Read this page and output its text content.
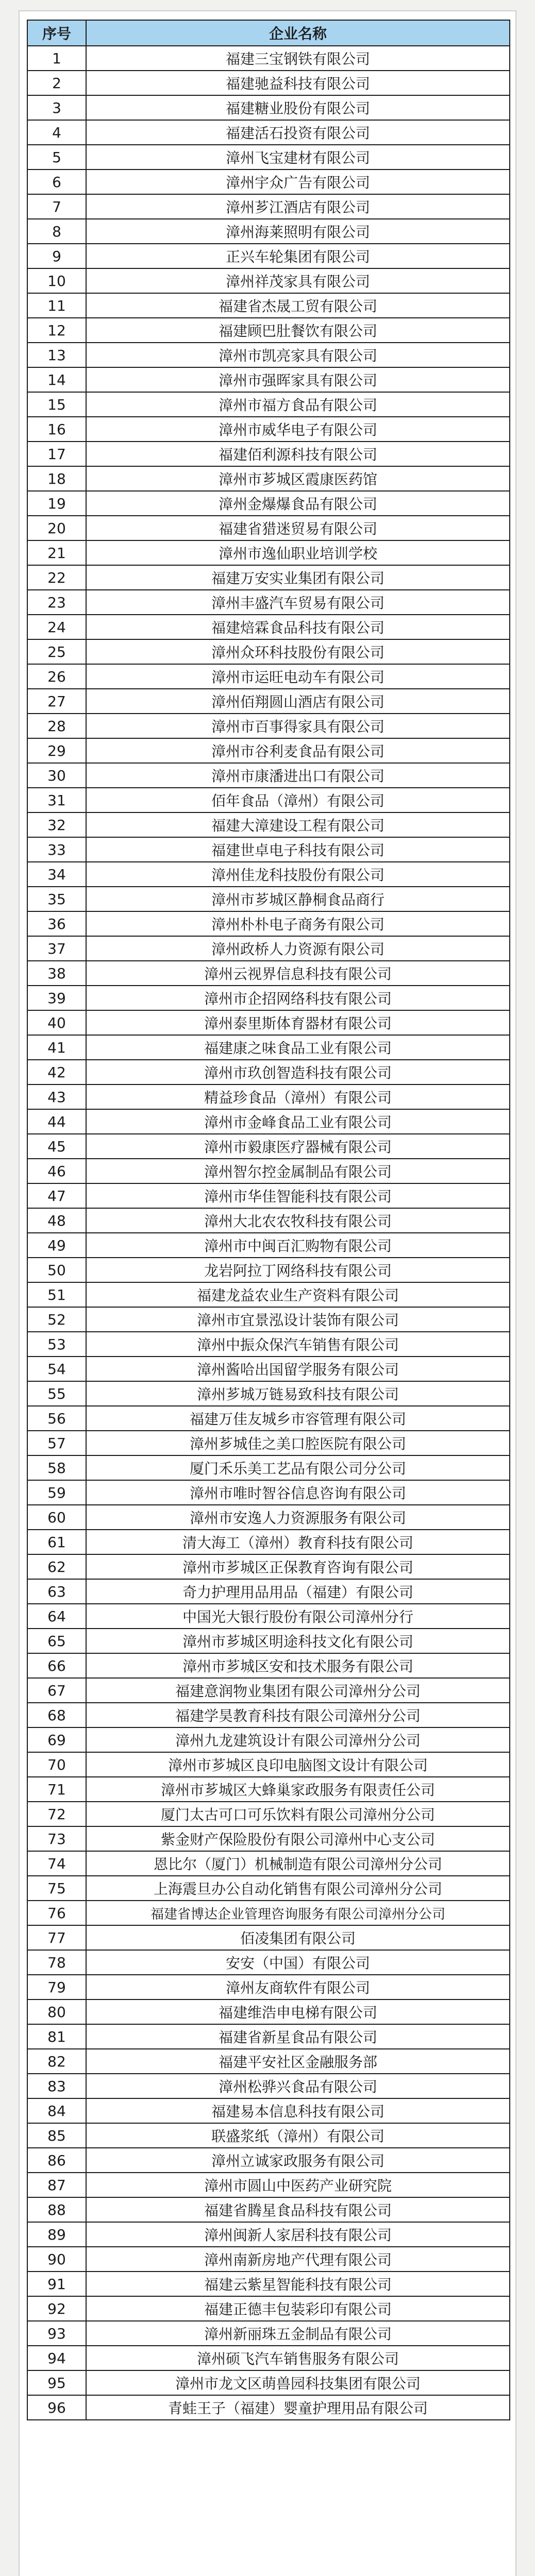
序号	企业名称
1	福建三宝钢铁有限公司
2	福建驰益科技有限公司
3	福建糖业股份有限公司
4	福建活石投资有限公司
5	漳州飞宝建材有限公司
6	漳州宇众广告有限公司
7	漳州芗江酒店有限公司
8	漳州海莱照明有限公司
9	正兴车轮集团有限公司
10	漳州祥茂家具有限公司
11	福建省杰晟工贸有限公司
12	福建顾巴肚餐饮有限公司
13	漳州市凯亮家具有限公司
14	漳州市强晖家具有限公司
15	漳州市福方食品有限公司
16	漳州市威华电子有限公司
17	福建佰利源科技有限公司
18	漳州市芗城区霞康医药馆
19	漳州金爆爆食品有限公司
20	福建省猎迷贸易有限公司
21	漳州市逸仙职业培训学校
22	福建万安实业集团有限公司
23	漳州丰盛汽车贸易有限公司
24	福建焙霖食品科技有限公司
25	漳州众环科技股份有限公司
26	漳州市运旺电动车有限公司
27	漳州佰翔圆山酒店有限公司
28	漳州市百事得家具有限公司
29	漳州市谷利麦食品有限公司
30	漳州市康潘进出口有限公司
31	佰年食品（漳州）有限公司
32	福建大漳建设工程有限公司
33	福建世卓电子科技有限公司
34	漳州佳龙科技股份有限公司
35	漳州市芗城区静桐食品商行
36	漳州朴朴电子商务有限公司
37	漳州政桥人力资源有限公司
38	漳州云视界信息科技有限公司
39	漳州市企招网络科技有限公司
40	漳州泰里斯体育器材有限公司
41	福建康之味食品工业有限公司
42	漳州市玖创智造科技有限公司
43	精益珍食品（漳州）有限公司
44	漳州市金峰食品工业有限公司
45	漳州市毅康医疗器械有限公司
46	漳州智尔控金属制品有限公司
47	漳州市华佳智能科技有限公司
48	漳州大北农农牧科技有限公司
49	漳州市中闽百汇购物有限公司
50	龙岩阿拉丁网络科技有限公司
51	福建龙益农业生产资料有限公司
52	漳州市宜景泓设计装饰有限公司
53	漳州中振众保汽车销售有限公司
54	漳州酱哈出国留学服务有限公司
55	漳州芗城万链易致科技有限公司
56	福建万佳友城乡市容管理有限公司
57	漳州芗城佳之美口腔医院有限公司
58	厦门禾乐美工艺品有限公司分公司
59	漳州市唯时智谷信息咨询有限公司
60	漳州市安逸人力资源服务有限公司
61	清大海工（漳州）教育科技有限公司
62	漳州市芗城区正保教育咨询有限公司
63	奇力护理用品用品（福建）有限公司
64	中国光大银行股份有限公司漳州分行
65	漳州市芗城区明途科技文化有限公司
66	漳州市芗城区安和技术服务有限公司
67	福建意润物业集团有限公司漳州分公司
68	福建学昊教育科技有限公司漳州分公司
69	漳州九龙建筑设计有限公司漳州分公司
70	漳州市芗城区良印电脑图文设计有限公司
71	漳州市芗城区大蜂巢家政服务有限责任公司
72	厦门太古可口可乐饮料有限公司漳州分公司
73	紫金财产保险股份有限公司漳州中心支公司
74	恩比尔（厦门）机械制造有限公司漳州分公司
75	上海震旦办公自动化销售有限公司漳州分公司
76	福建省博达企业管理咨询服务有限公司漳州分公司
77	佰凌集团有限公司
78	安安（中国）有限公司
79	漳州友商软件有限公司
80	福建维浩申电梯有限公司
81	福建省新星食品有限公司
82	福建平安社区金融服务部
83	漳州松骅兴食品有限公司
84	福建易本信息科技有限公司
85	联盛浆纸（漳州）有限公司
86	漳州立诚家政服务有限公司
87	漳州市圆山中医药产业研究院
88	福建省腾星食品科技有限公司
89	漳州闽新人家居科技有限公司
90	漳州南新房地产代理有限公司
91	福建云紫星智能科技有限公司
92	福建正德丰包装彩印有限公司
93	漳州新丽珠五金制品有限公司
94	漳州硕飞汽车销售服务有限公司
95	漳州市龙文区萌兽园科技集团有限公司
96	青蛙王子（福建）婴童护理用品有限公司
